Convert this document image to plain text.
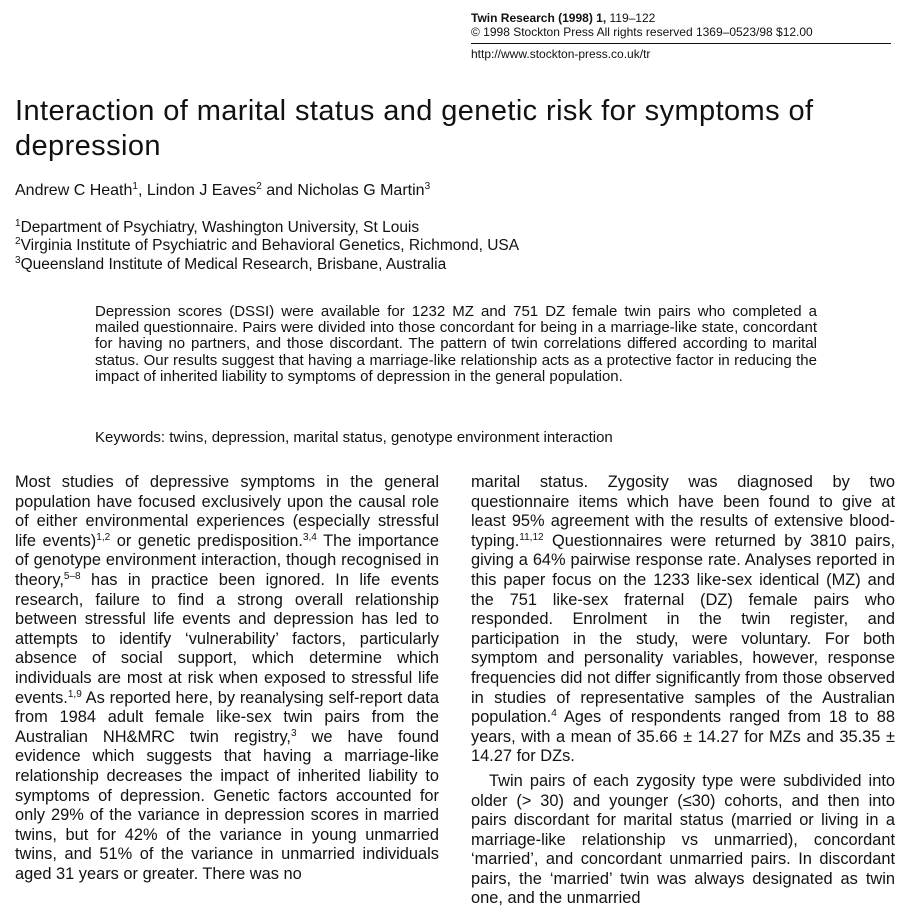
Twin Research (1998) 1, 119–122
© 1998 Stockton Press All rights reserved 1369–0523/98 $12.00
http://www.stockton-press.co.uk/tr
Interaction of marital status and genetic risk for symptoms of depression
Andrew C Heath$^1$, Lindon J Eaves$^2$ and Nicholas G Martin$^3$
$^1$Department of Psychiatry, Washington University, St Louis
$^2$Virginia Institute of Psychiatric and Behavioral Genetics, Richmond, USA
$^3$Queensland Institute of Medical Research, Brisbane, Australia

Depression scores (DSSI) were available for 1232 MZ and 751 DZ female twin pairs who completed a mailed questionnaire. Pairs were divided into those concordant for being in a marriage-like state, concordant for having no partners, and those discordant. The pattern of twin correlations differed according to marital status. Our results suggest that having a marriage-like relationship acts as a protective factor in reducing the impact of inherited liability to symptoms of depression in the general population.

Keywords: twins, depression, marital status, genotype environment interaction

Most studies of depressive symptoms in the general population have focused exclusively upon the causal role of either environmental experiences (especially stressful life events)$^{1,2}$ or genetic predisposition.$^{3,4}$ The importance of genotype environment interaction, though recognised in theory,$^{5-8}$ has in practice been ignored. In life events research, failure to find a strong overall relationship between stressful life events and depression has led to attempts to identify ‘vulnerability’ factors, particularly absence of social support, which determine which individuals are most at risk when exposed to stressful life events.$^{1,9}$ As reported here, by reanalysing self-report data from 1984 adult female like-sex twin pairs from the Australian NH&MRC twin registry,$^3$ we have found evidence which suggests that having a marriage-like relationship decreases the impact of inherited liability to symptoms of depression. Genetic factors accounted for only 29% of the variance in depression scores in married twins, but for 42% of the variance in young unmarried twins, and 51% of the variance in unmarried individuals aged 31 years or greater. There was no

marital status. Zygosity was diagnosed by two questionnaire items which have been found to give at least 95% agreement with the results of extensive blood-typing.$^{11,12}$ Questionnaires were returned by 3810 pairs, giving a 64% pairwise response rate. Analyses reported in this paper focus on the 1233 like-sex identical (MZ) and the 751 like-sex fraternal (DZ) female pairs who responded. Enrolment in the twin register, and participation in the study, were voluntary. For both symptom and personality variables, however, response frequencies did not differ significantly from those observed in studies of representative samples of the Australian population.$^4$ Ages of respondents ranged from 18 to 88 years, with a mean of 35.66 ± 14.27 for MZs and 35.35 ± 14.27 for DZs.

Twin pairs of each zygosity type were subdivided into older (> 30) and younger (≤30) cohorts, and then into pairs discordant for marital status (married or living in a marriage-like relationship vs unmarried), concordant ‘married’, and concordant unmarried pairs. In discordant pairs, the ‘married’ twin was always designated as twin one, and the unmarried
